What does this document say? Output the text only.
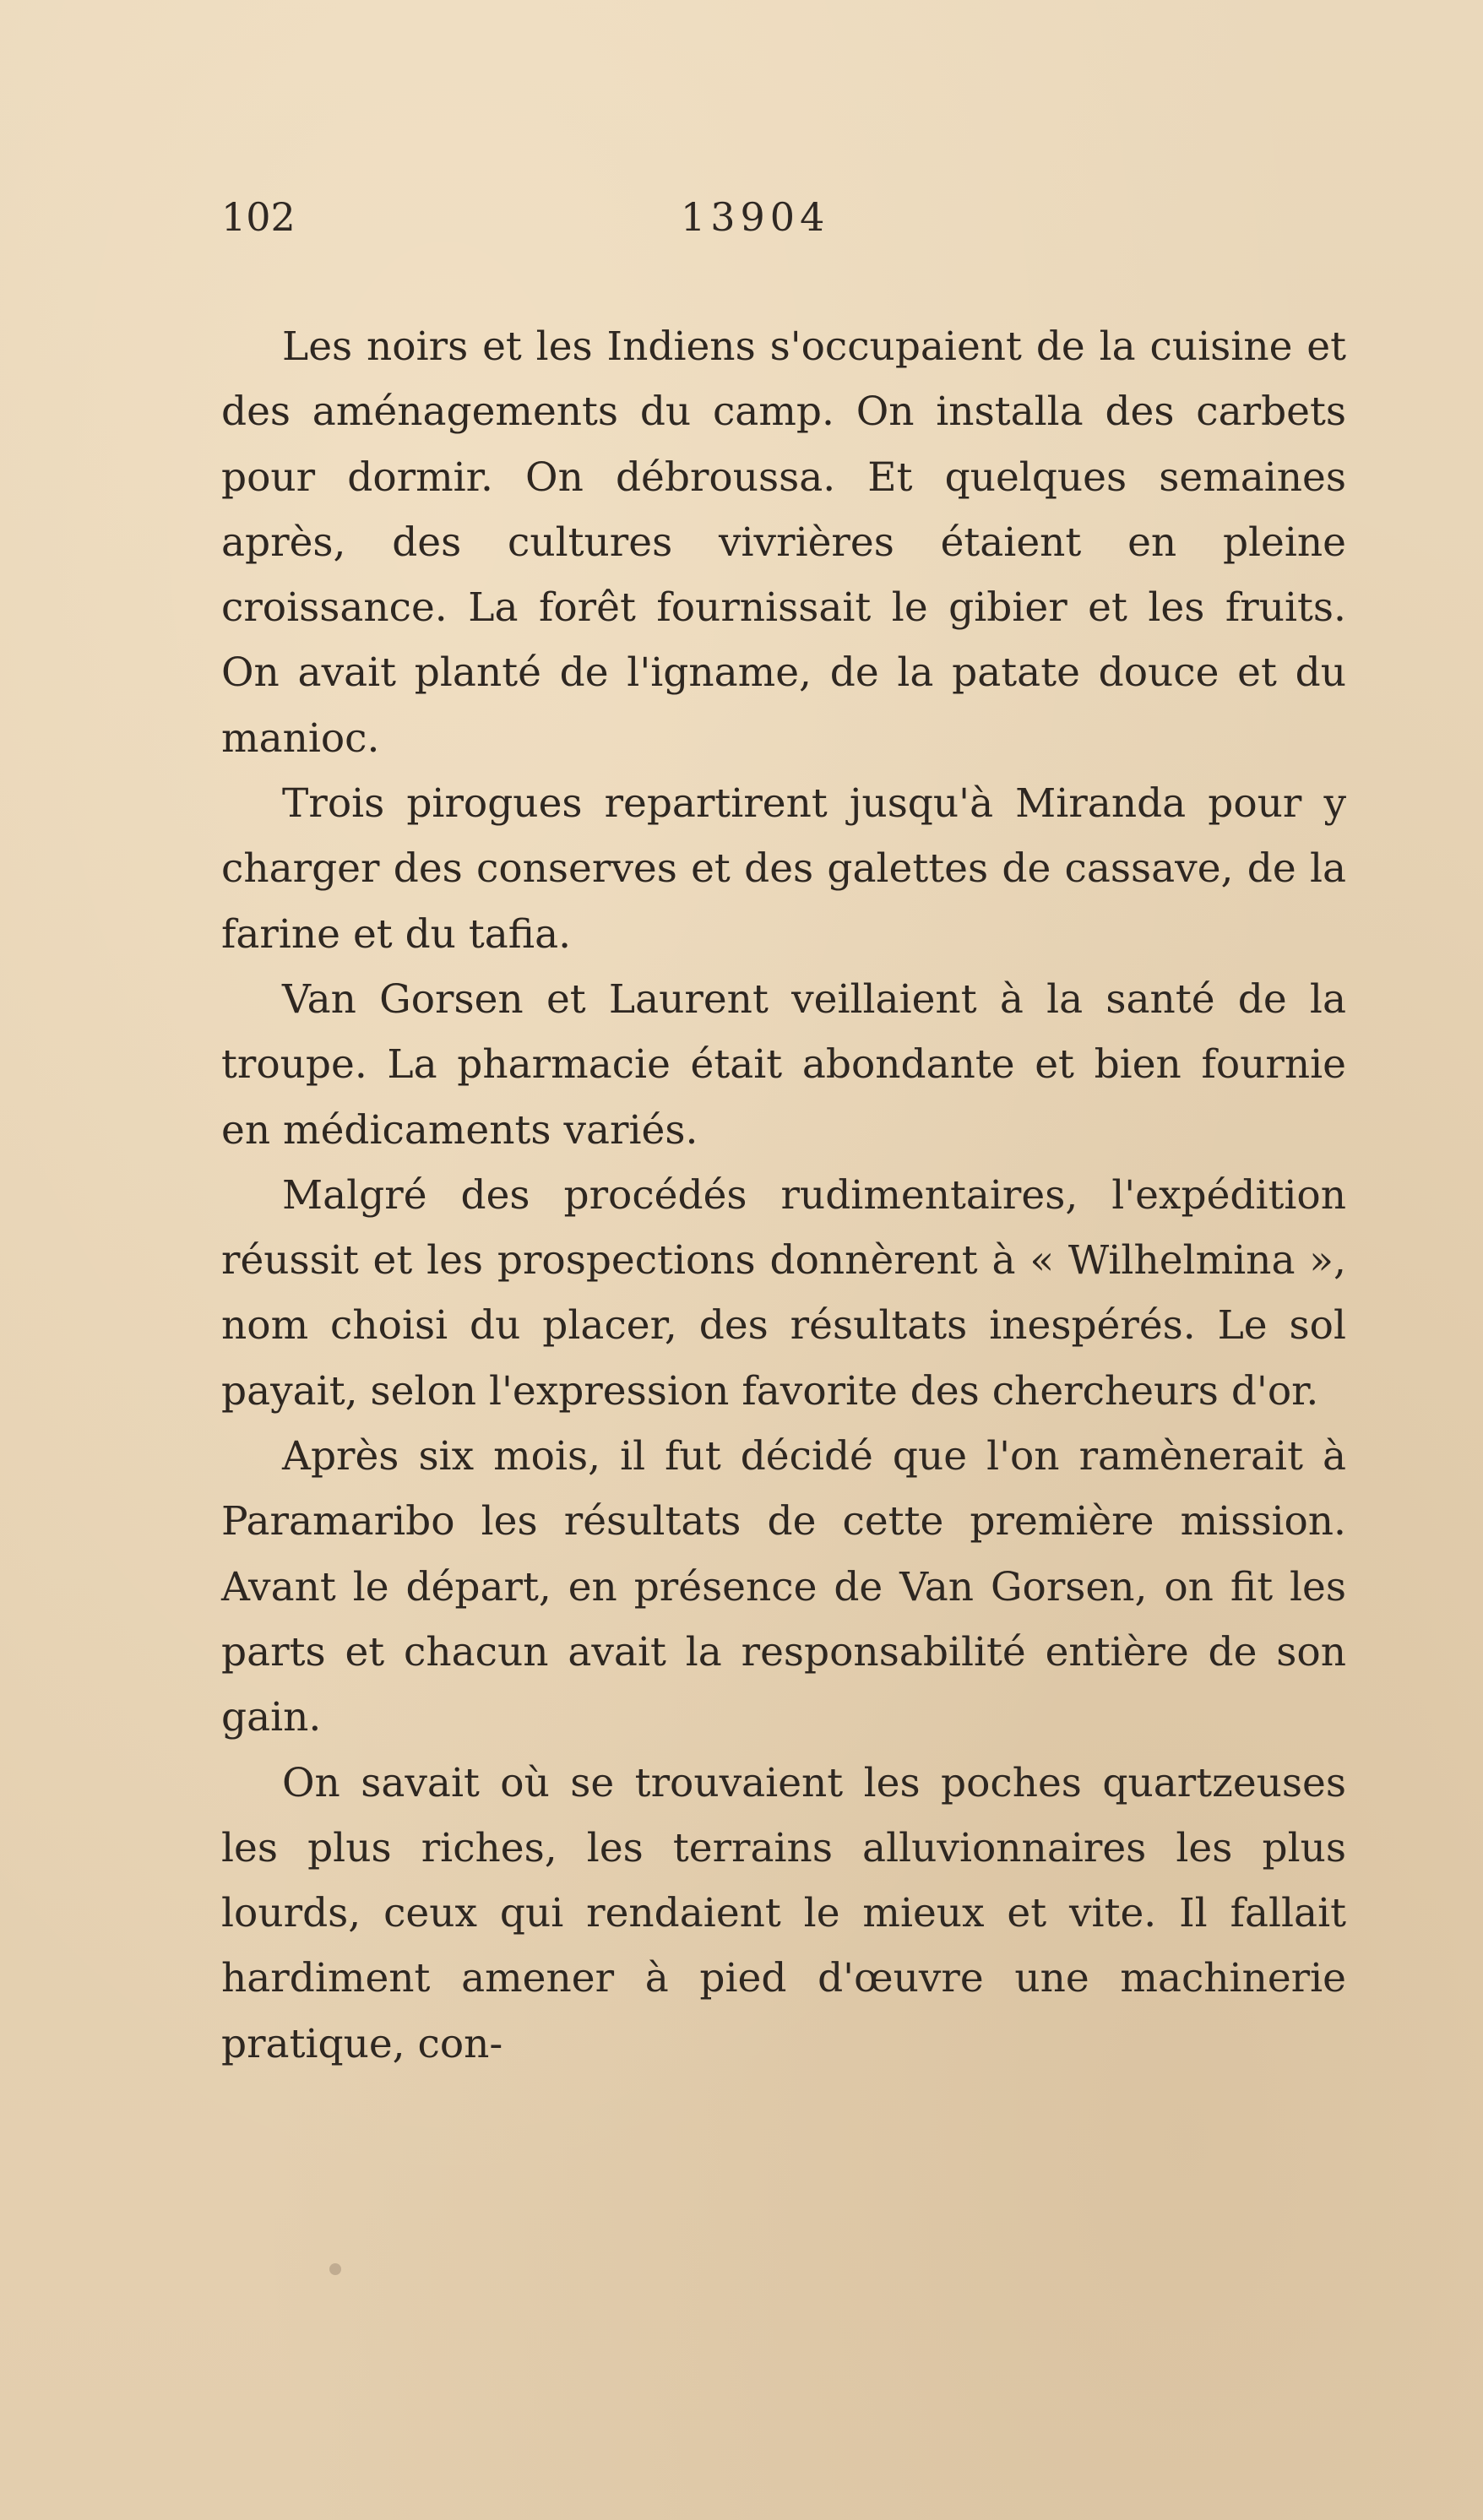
102	13904

Les noirs et les Indiens s'occupaient de la cuisine et des aménagements du camp. On installa des carbets pour dormir. On débroussa. Et quelques semaines après, des cultures vivrières étaient en pleine croissance. La forêt fournissait le gibier et les fruits. On avait planté de l'igname, de la patate douce et du manioc.

Trois pirogues repartirent jusqu'à Miranda pour y charger des conserves et des galettes de cassave, de la farine et du tafia.

Van Gorsen et Laurent veillaient à la santé de la troupe. La pharmacie était abondante et bien fournie en médicaments variés.

Malgré des procédés rudimentaires, l'expédition réussit et les prospections donnèrent à « Wilhelmina », nom choisi du placer, des résultats inespérés. Le sol payait, selon l'expression favorite des chercheurs d'or.

Après six mois, il fut décidé que l'on ramènerait à Paramaribo les résultats de cette première mission. Avant le départ, en présence de Van Gorsen, on fit les parts et chacun avait la responsabilité entière de son gain.

On savait où se trouvaient les poches quartzeuses les plus riches, les terrains alluvionnaires les plus lourds, ceux qui rendaient le mieux et vite. Il fallait hardiment amener à pied d'œuvre une machinerie pratique, con-
